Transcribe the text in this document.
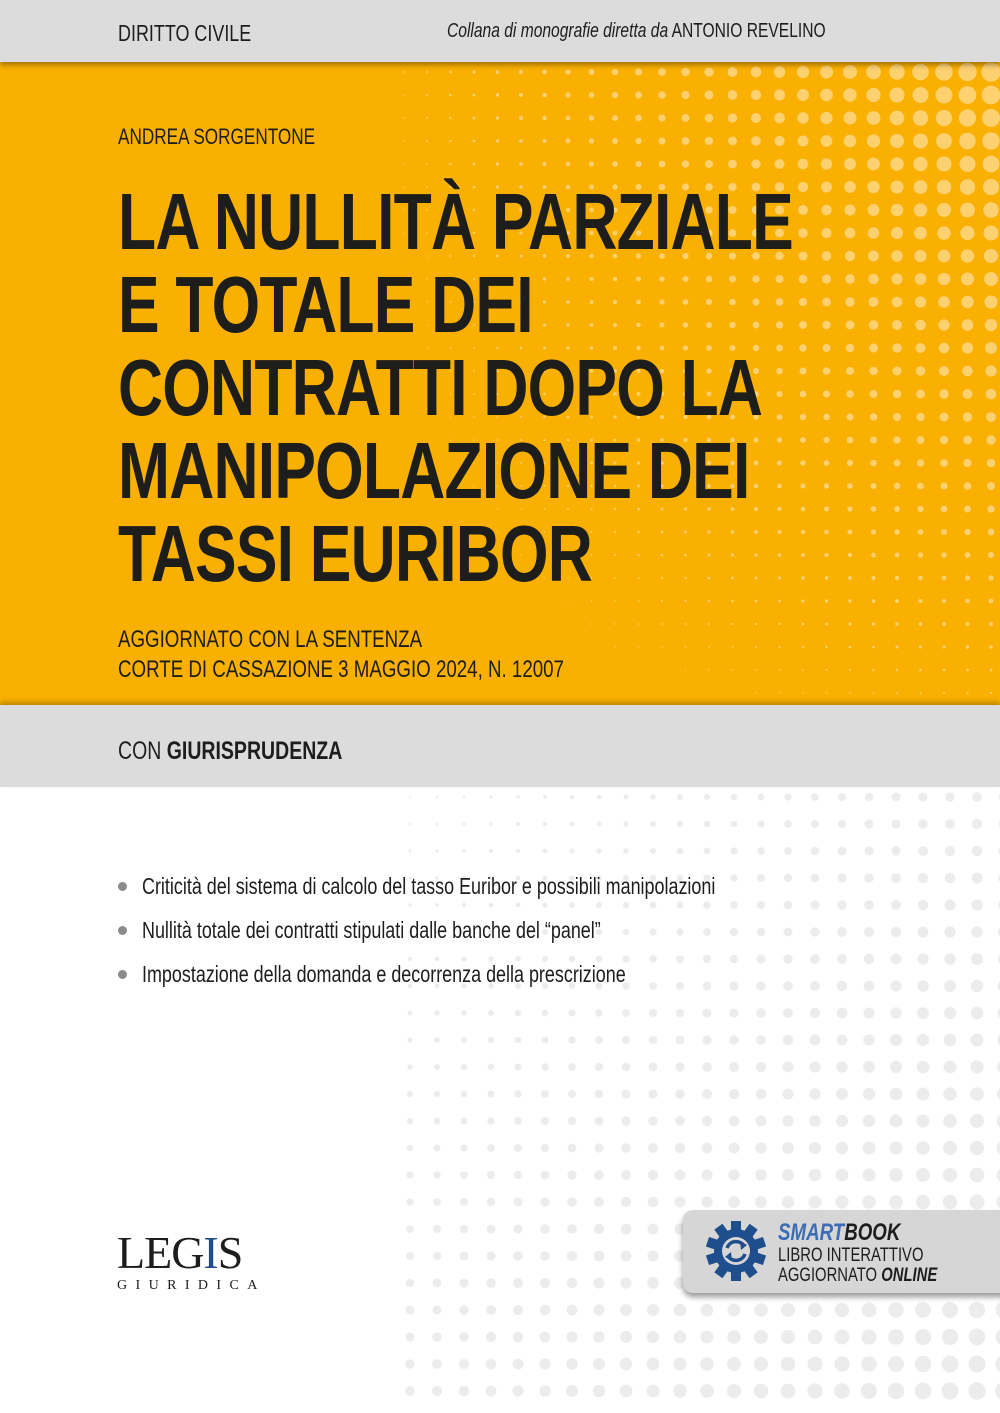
DIRITTO CIVILE	Collana di monografie diretta da ANTONIO REVELINO
ANDREA SORGENTONE
LA NULLITÀ PARZIALE
E TOTALE DEI
CONTRATTI DOPO LA
MANIPOLAZIONE DEI
TASSI EURIBOR
AGGIORNATO CON LA SENTENZA
CORTE DI CASSAZIONE 3 MAGGIO 2024, N. 12007
CON GIURISPRUDENZA
Criticità del sistema di calcolo del tasso Euribor e possibili manipolazioni
Nullità totale dei contratti stipulati dalle banche del “panel”
Impostazione della domanda e decorrenza della prescrizione
LEGIS
GIURIDICA
SMARTBOOK
LIBRO INTERATTIVO
AGGIORNATO ONLINE
